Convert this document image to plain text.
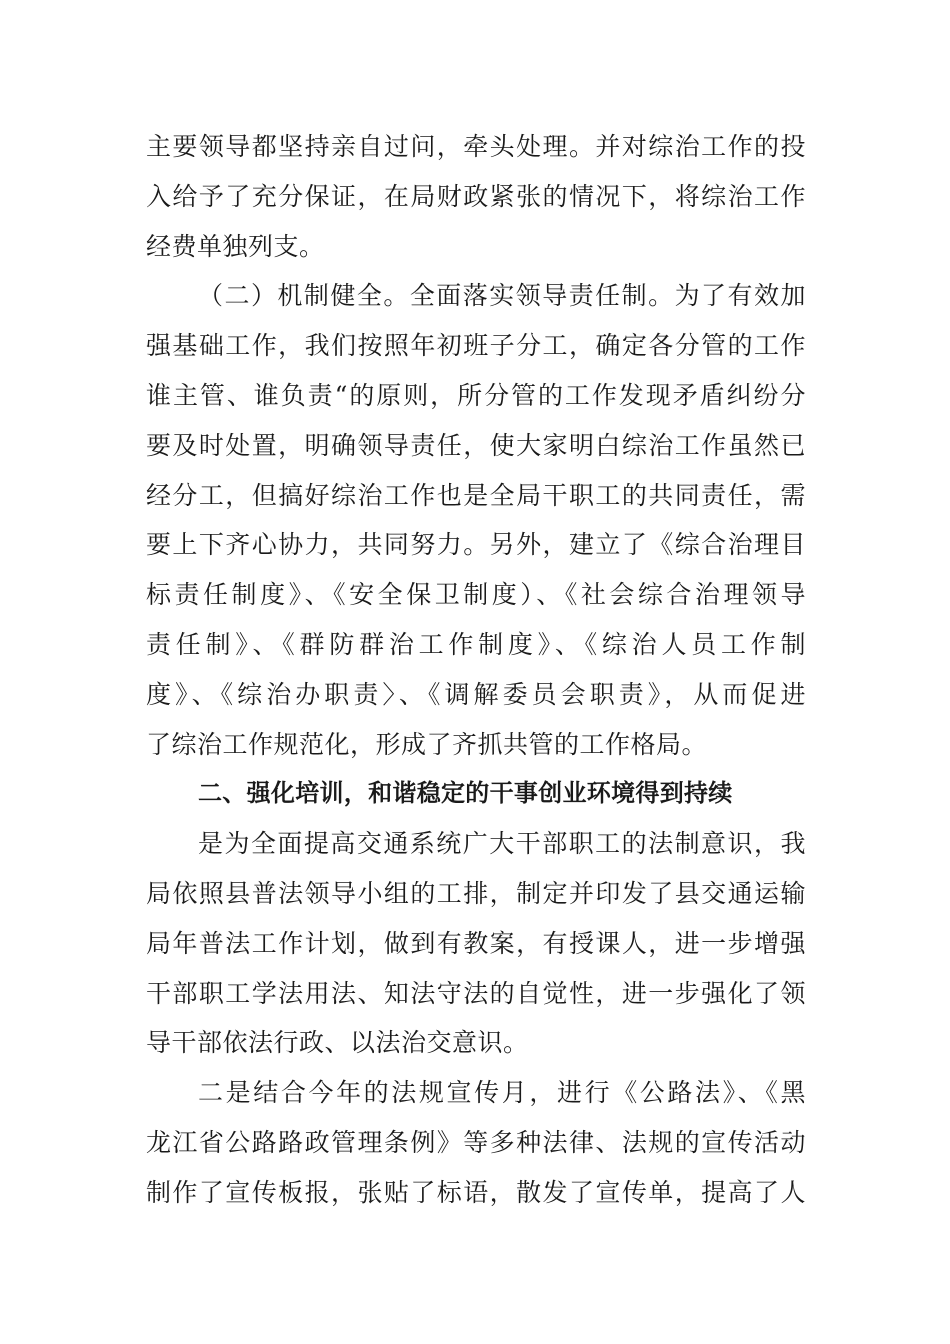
主要领导都坚持亲自过问，牵头处理。并对综治工作的投
入给予了充分保证，在局财政紧张的情况下，将综治工作
经费单独列支。
（二）机制健全。全面落实领导责任制。为了有效加
强基础工作，我们按照年初班子分工，确定各分管的工作
谁主管、谁负责“的原则，所分管的工作发现矛盾纠纷分
要及时处置，明确领导责任，使大家明白综治工作虽然已
经分工，但搞好综治工作也是全局干职工的共同责任，需
要上下齐心协力，共同努力。另外，建立了《综合治理目
标责任制度》、《安全保卫制度）、《社会综合治理领导
责任制》、《群防群治工作制度》、《综治人员工作制
度》、《综治办职责〉、《调解委员会职责》，从而促进
了综治工作规范化，形成了齐抓共管的工作格局。
二、强化培训，和谐稳定的干事创业环境得到持续
是为全面提高交通系统广大干部职工的法制意识，我
局依照县普法领导小组的工排，制定并印发了县交通运输
局年普法工作计划，做到有教案，有授课人，进一步增强
干部职工学法用法、知法守法的自觉性，进一步强化了领
导干部依法行政、以法治交意识。
二是结合今年的法规宣传月，进行《公路法》、《黑
龙江省公路路政管理条例》等多种法律、法规的宣传活动
制作了宣传板报，张贴了标语，散发了宣传单，提高了人
